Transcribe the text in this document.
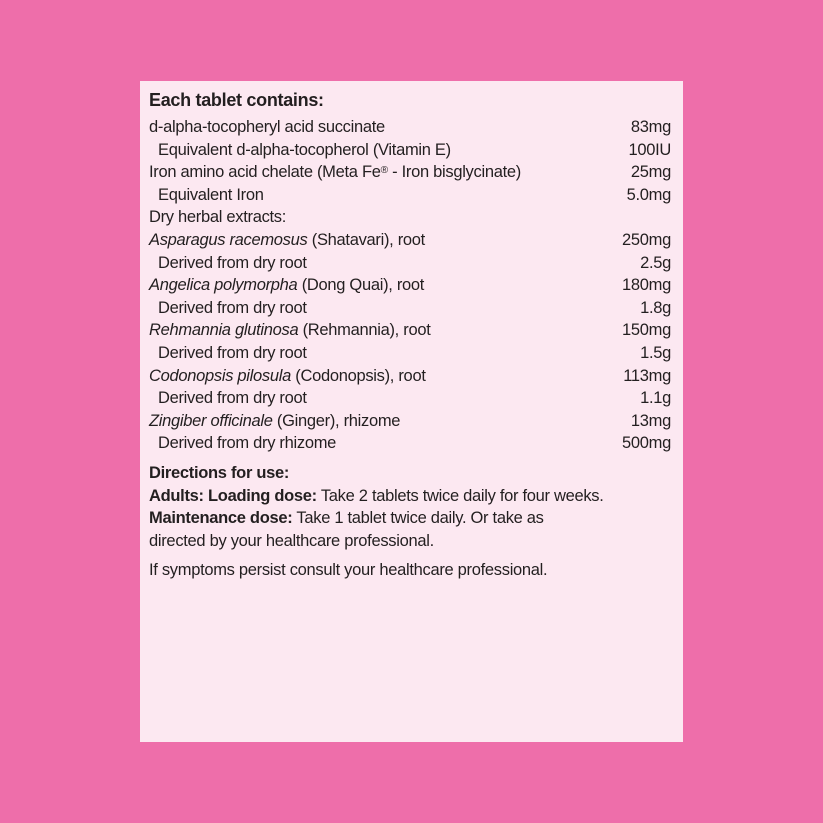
Each tablet contains:
d-alpha-tocopheryl acid succinate	83mg
Equivalent d-alpha-tocopherol (Vitamin E)	100IU
Iron amino acid chelate (Meta Fe® - Iron bisglycinate)	25mg
Equivalent Iron	5.0mg
Dry herbal extracts:
Asparagus racemosus (Shatavari), root	250mg
Derived from dry root	2.5g
Angelica polymorpha (Dong Quai), root	180mg
Derived from dry root	1.8g
Rehmannia glutinosa (Rehmannia), root	150mg
Derived from dry root	1.5g
Codonopsis pilosula (Codonopsis), root	113mg
Derived from dry root	1.1g
Zingiber officinale (Ginger), rhizome	13mg
Derived from dry rhizome	500mg
Directions for use:
Adults: Loading dose: Take 2 tablets twice daily for four weeks.
Maintenance dose: Take 1 tablet twice daily. Or take as
directed by your healthcare professional.
If symptoms persist consult your healthcare professional.
